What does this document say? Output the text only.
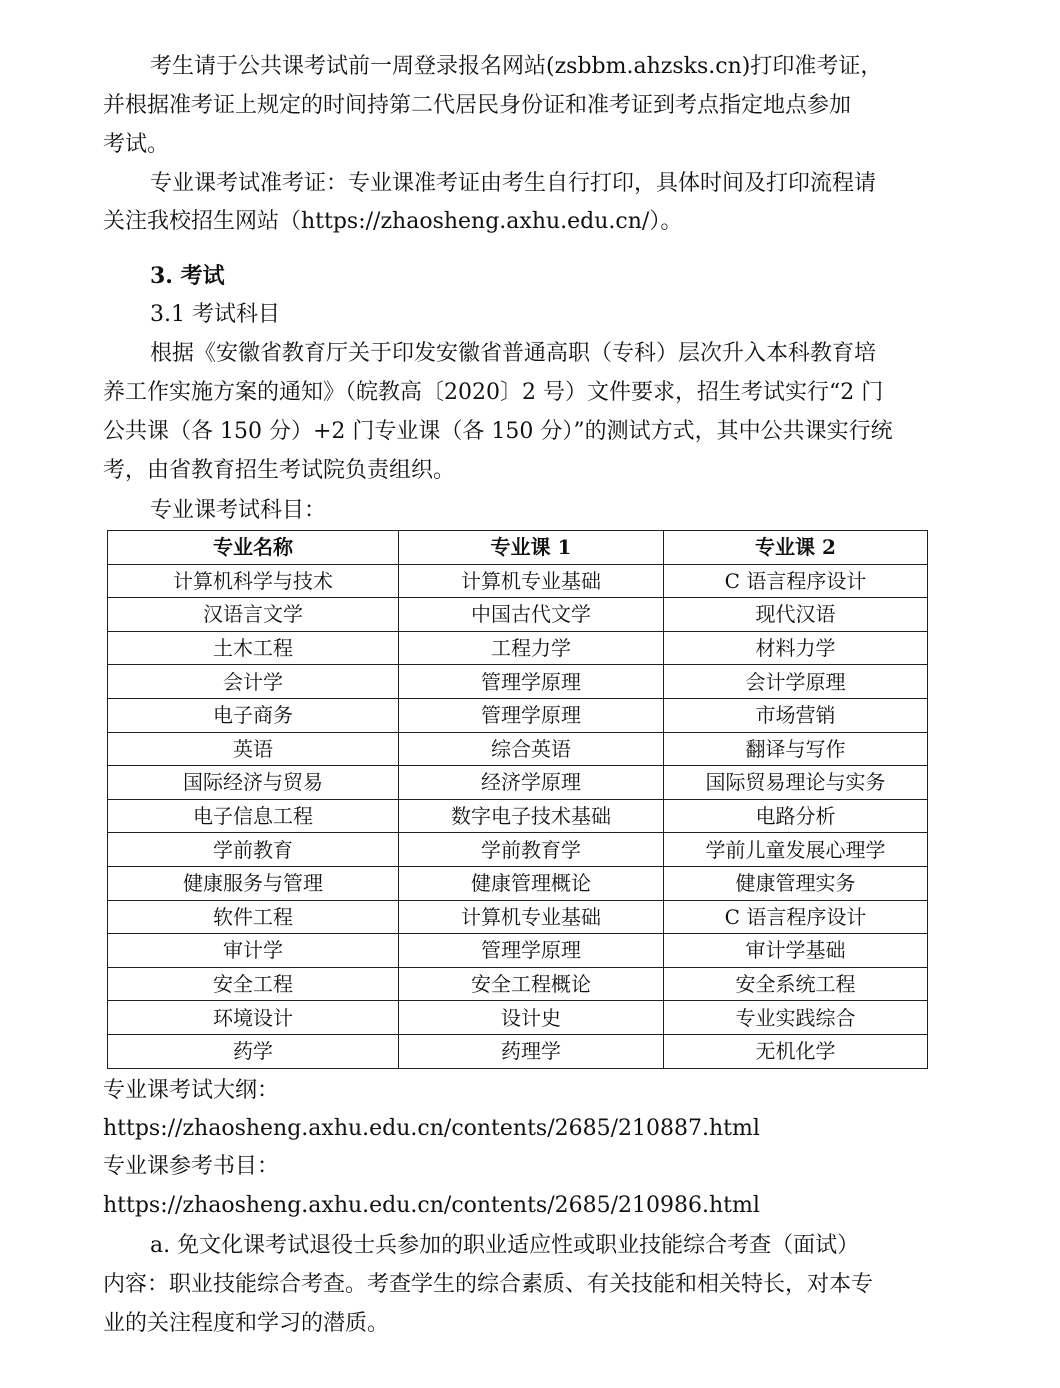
考生请于公共课考试前一周登录报名网站(zsbbm.ahzsks.cn)打印准考证，
并根据准考证上规定的时间持第二代居民身份证和准考证到考点指定地点参加
考试。
专业课考试准考证：专业课准考证由考生自行打印，具体时间及打印流程请
关注我校招生网站（https://zhaosheng.axhu.edu.cn/）。
3. 考试
3.1 考试科目
根据《安徽省教育厅关于印发安徽省普通高职（专科）层次升入本科教育培
养工作实施方案的通知》（皖教高〔2020〕2 号）文件要求，招生考试实行“2 门
公共课（各 150 分）+2 门专业课（各 150 分）”的测试方式，其中公共课实行统
考，由省教育招生考试院负责组织。
专业课考试科目：
专业名称	专业课 1	专业课 2
计算机科学与技术	计算机专业基础	C 语言程序设计
汉语言文学	中国古代文学	现代汉语
土木工程	工程力学	材料力学
会计学	管理学原理	会计学原理
电子商务	管理学原理	市场营销
英语	综合英语	翻译与写作
国际经济与贸易	经济学原理	国际贸易理论与实务
电子信息工程	数字电子技术基础	电路分析
学前教育	学前教育学	学前儿童发展心理学
健康服务与管理	健康管理概论	健康管理实务
软件工程	计算机专业基础	C 语言程序设计
审计学	管理学原理	审计学基础
安全工程	安全工程概论	安全系统工程
环境设计	设计史	专业实践综合
药学	药理学	无机化学
专业课考试大纲：
https://zhaosheng.axhu.edu.cn/contents/2685/210887.html
专业课参考书目：
https://zhaosheng.axhu.edu.cn/contents/2685/210986.html
a. 免文化课考试退役士兵参加的职业适应性或职业技能综合考查（面试）
内容：职业技能综合考查。考查学生的综合素质、有关技能和相关特长，对本专
业的关注程度和学习的潜质。
